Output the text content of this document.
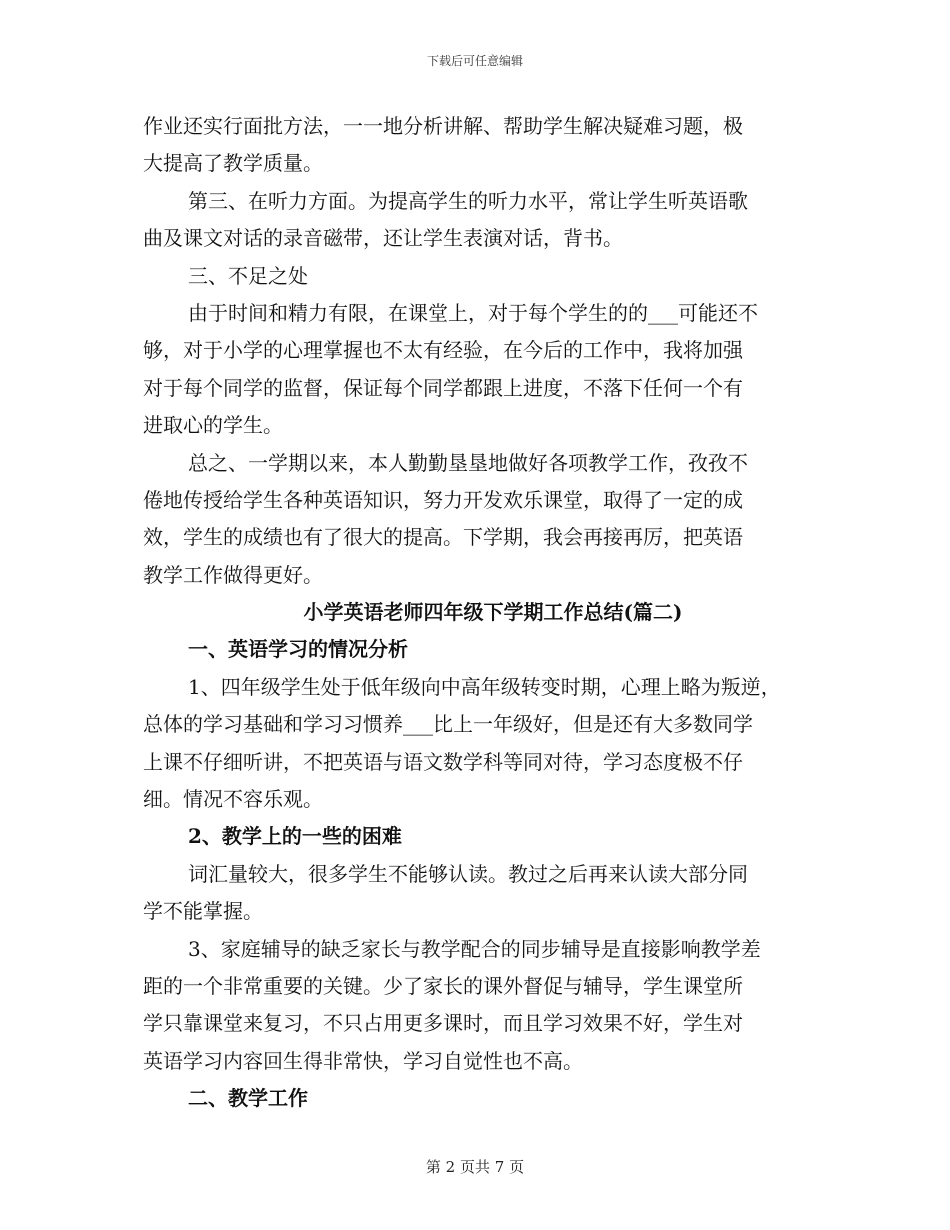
下载后可任意编辑
作业还实行面批方法，一一地分析讲解、帮助学生解决疑难习题，极
大提高了教学质量。
第三、在听力方面。为提高学生的听力水平，常让学生听英语歌
曲及课文对话的录音磁带，还让学生表演对话，背书。
三、不足之处
由于时间和精力有限，在课堂上，对于每个学生的的___可能还不
够，对于小学的心理掌握也不太有经验，在今后的工作中，我将加强
对于每个同学的监督，保证每个同学都跟上进度，不落下任何一个有
进取心的学生。
总之、一学期以来，本人勤勤垦垦地做好各项教学工作，孜孜不
倦地传授给学生各种英语知识，努力开发欢乐课堂，取得了一定的成
效，学生的成绩也有了很大的提高。下学期，我会再接再厉，把英语
教学工作做得更好。
小学英语老师四年级下学期工作总结(篇二)
一、英语学习的情况分析
1、四年级学生处于低年级向中高年级转变时期，心理上略为叛逆，
总体的学习基础和学习习惯养___比上一年级好，但是还有大多数同学
上课不仔细听讲，不把英语与语文数学科等同对待，学习态度极不仔
细。情况不容乐观。
2、教学上的一些的困难
词汇量较大，很多学生不能够认读。教过之后再来认读大部分同
学不能掌握。
3、家庭辅导的缺乏家长与教学配合的同步辅导是直接影响教学差
距的一个非常重要的关键。少了家长的课外督促与辅导，学生课堂所
学只靠课堂来复习，不只占用更多课时，而且学习效果不好，学生对
英语学习内容回生得非常快，学习自觉性也不高。
二、教学工作
第 2 页共 7 页
